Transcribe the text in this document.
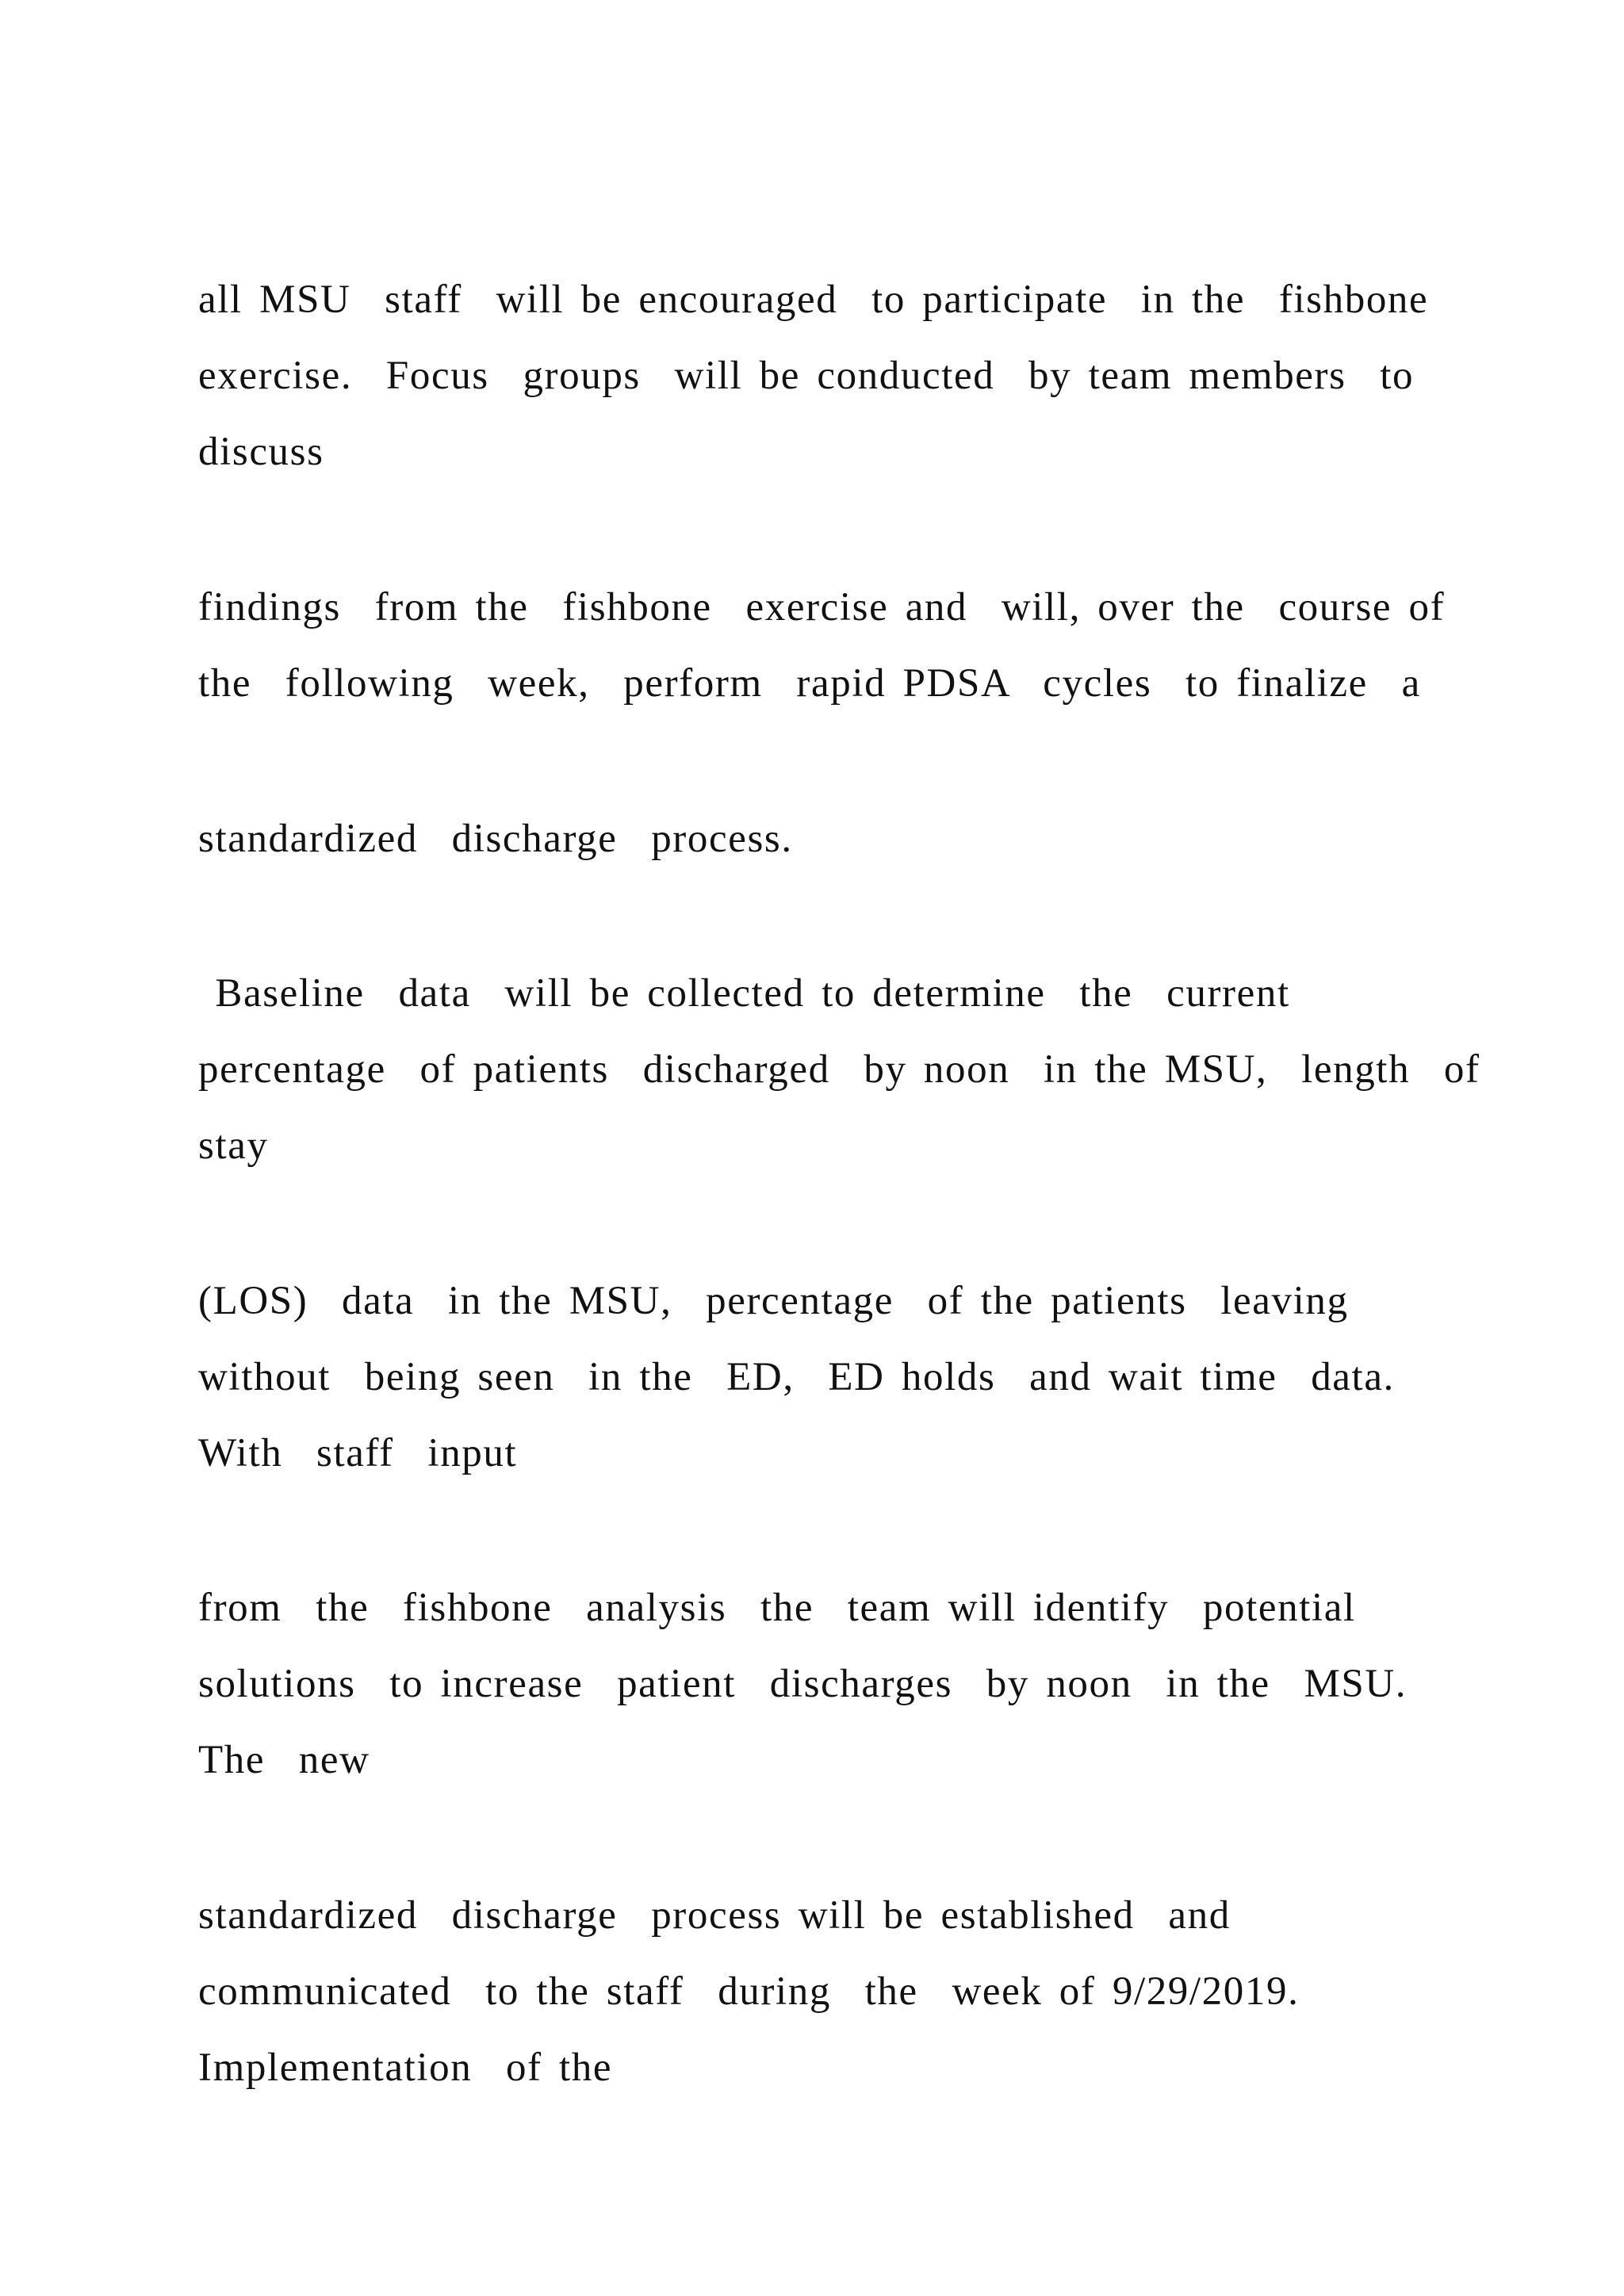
all MSU  staff  will be encouraged  to participate  in the  fishbone
exercise.  Focus  groups  will be conducted  by team members  to
discuss
findings  from the  fishbone  exercise and  will, over the  course of
the  following  week,  perform  rapid PDSA  cycles  to finalize  a
standardized  discharge  process.
Baseline  data  will be collected to determine  the  current
percentage  of patients  discharged  by noon  in the MSU,  length  of
stay
(LOS)  data  in the MSU,  percentage  of the patients  leaving
without  being seen  in the  ED,  ED holds  and wait time  data.
With  staff  input
from  the  fishbone  analysis  the  team will identify  potential
solutions  to increase  patient  discharges  by noon  in the  MSU.
The  new
standardized  discharge  process will be established  and
communicated  to the staff  during  the  week of 9/29/2019.
Implementation  of the
